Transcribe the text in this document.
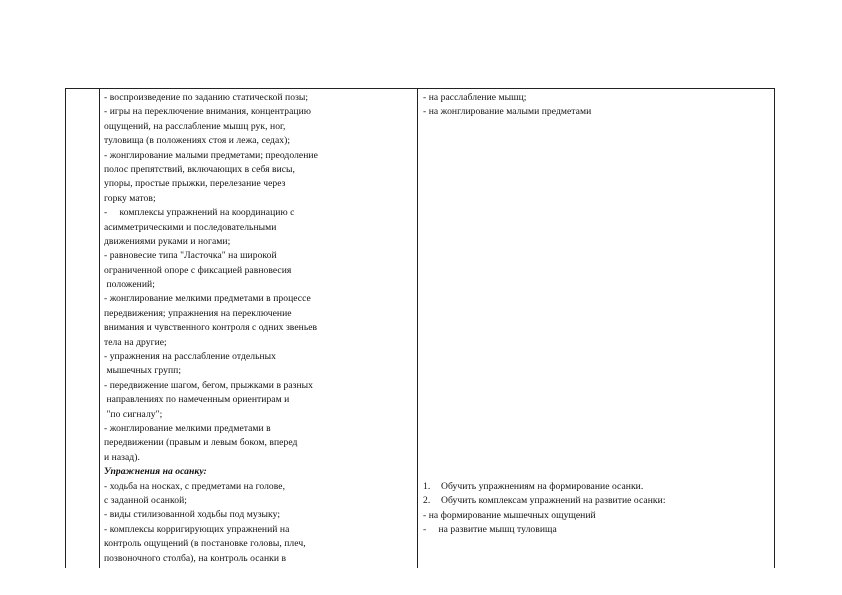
- воспроизведение по заданию статической позы;
- игры на переключение внимания, концентрацию
ощущений, на расслабление мышц рук, ног,
туловища (в положениях стоя и лежа, седах);
- жонглирование малыми предметами; преодоление
полос препятствий, включающих в себя висы,
упоры, простые прыжки, перелезание через
горку матов;
-     комплексы упражнений на координацию с
асимметрическими и последовательными
движениями руками и ногами;
- равновесие типа "Ласточка" на широкой
ограниченной опоре с фиксацией равновесия
положений;
- жонглирование мелкими предметами в процессе
передвижения; упражнения на переключение
внимания и чувственного контроля с одних звеньев
тела на другие;
- упражнения на расслабление отдельных
мышечных групп;
- передвижение шагом, бегом, прыжками в разных
направлениях по намеченным ориентирам и
"по сигналу";
- жонглирование мелкими предметами в
передвижении (правым и левым боком, вперед
и назад).
Упражнения на осанку:
- ходьба на носках, с предметами на голове,
с заданной осанкой;
- виды стилизованной ходьбы под музыку;
- комплексы корригирующих упражнений на
контроль ощущений (в постановке головы, плеч,
позвоночного столба), на контроль осанки в
- на расслабление мышц;
- на жонглирование малыми предметами
1. Обучить упражнениям на формирование осанки.
2. Обучить комплексам упражнений на развитие осанки:
- на формирование мышечных ощущений
-     на развитие мышц туловища
